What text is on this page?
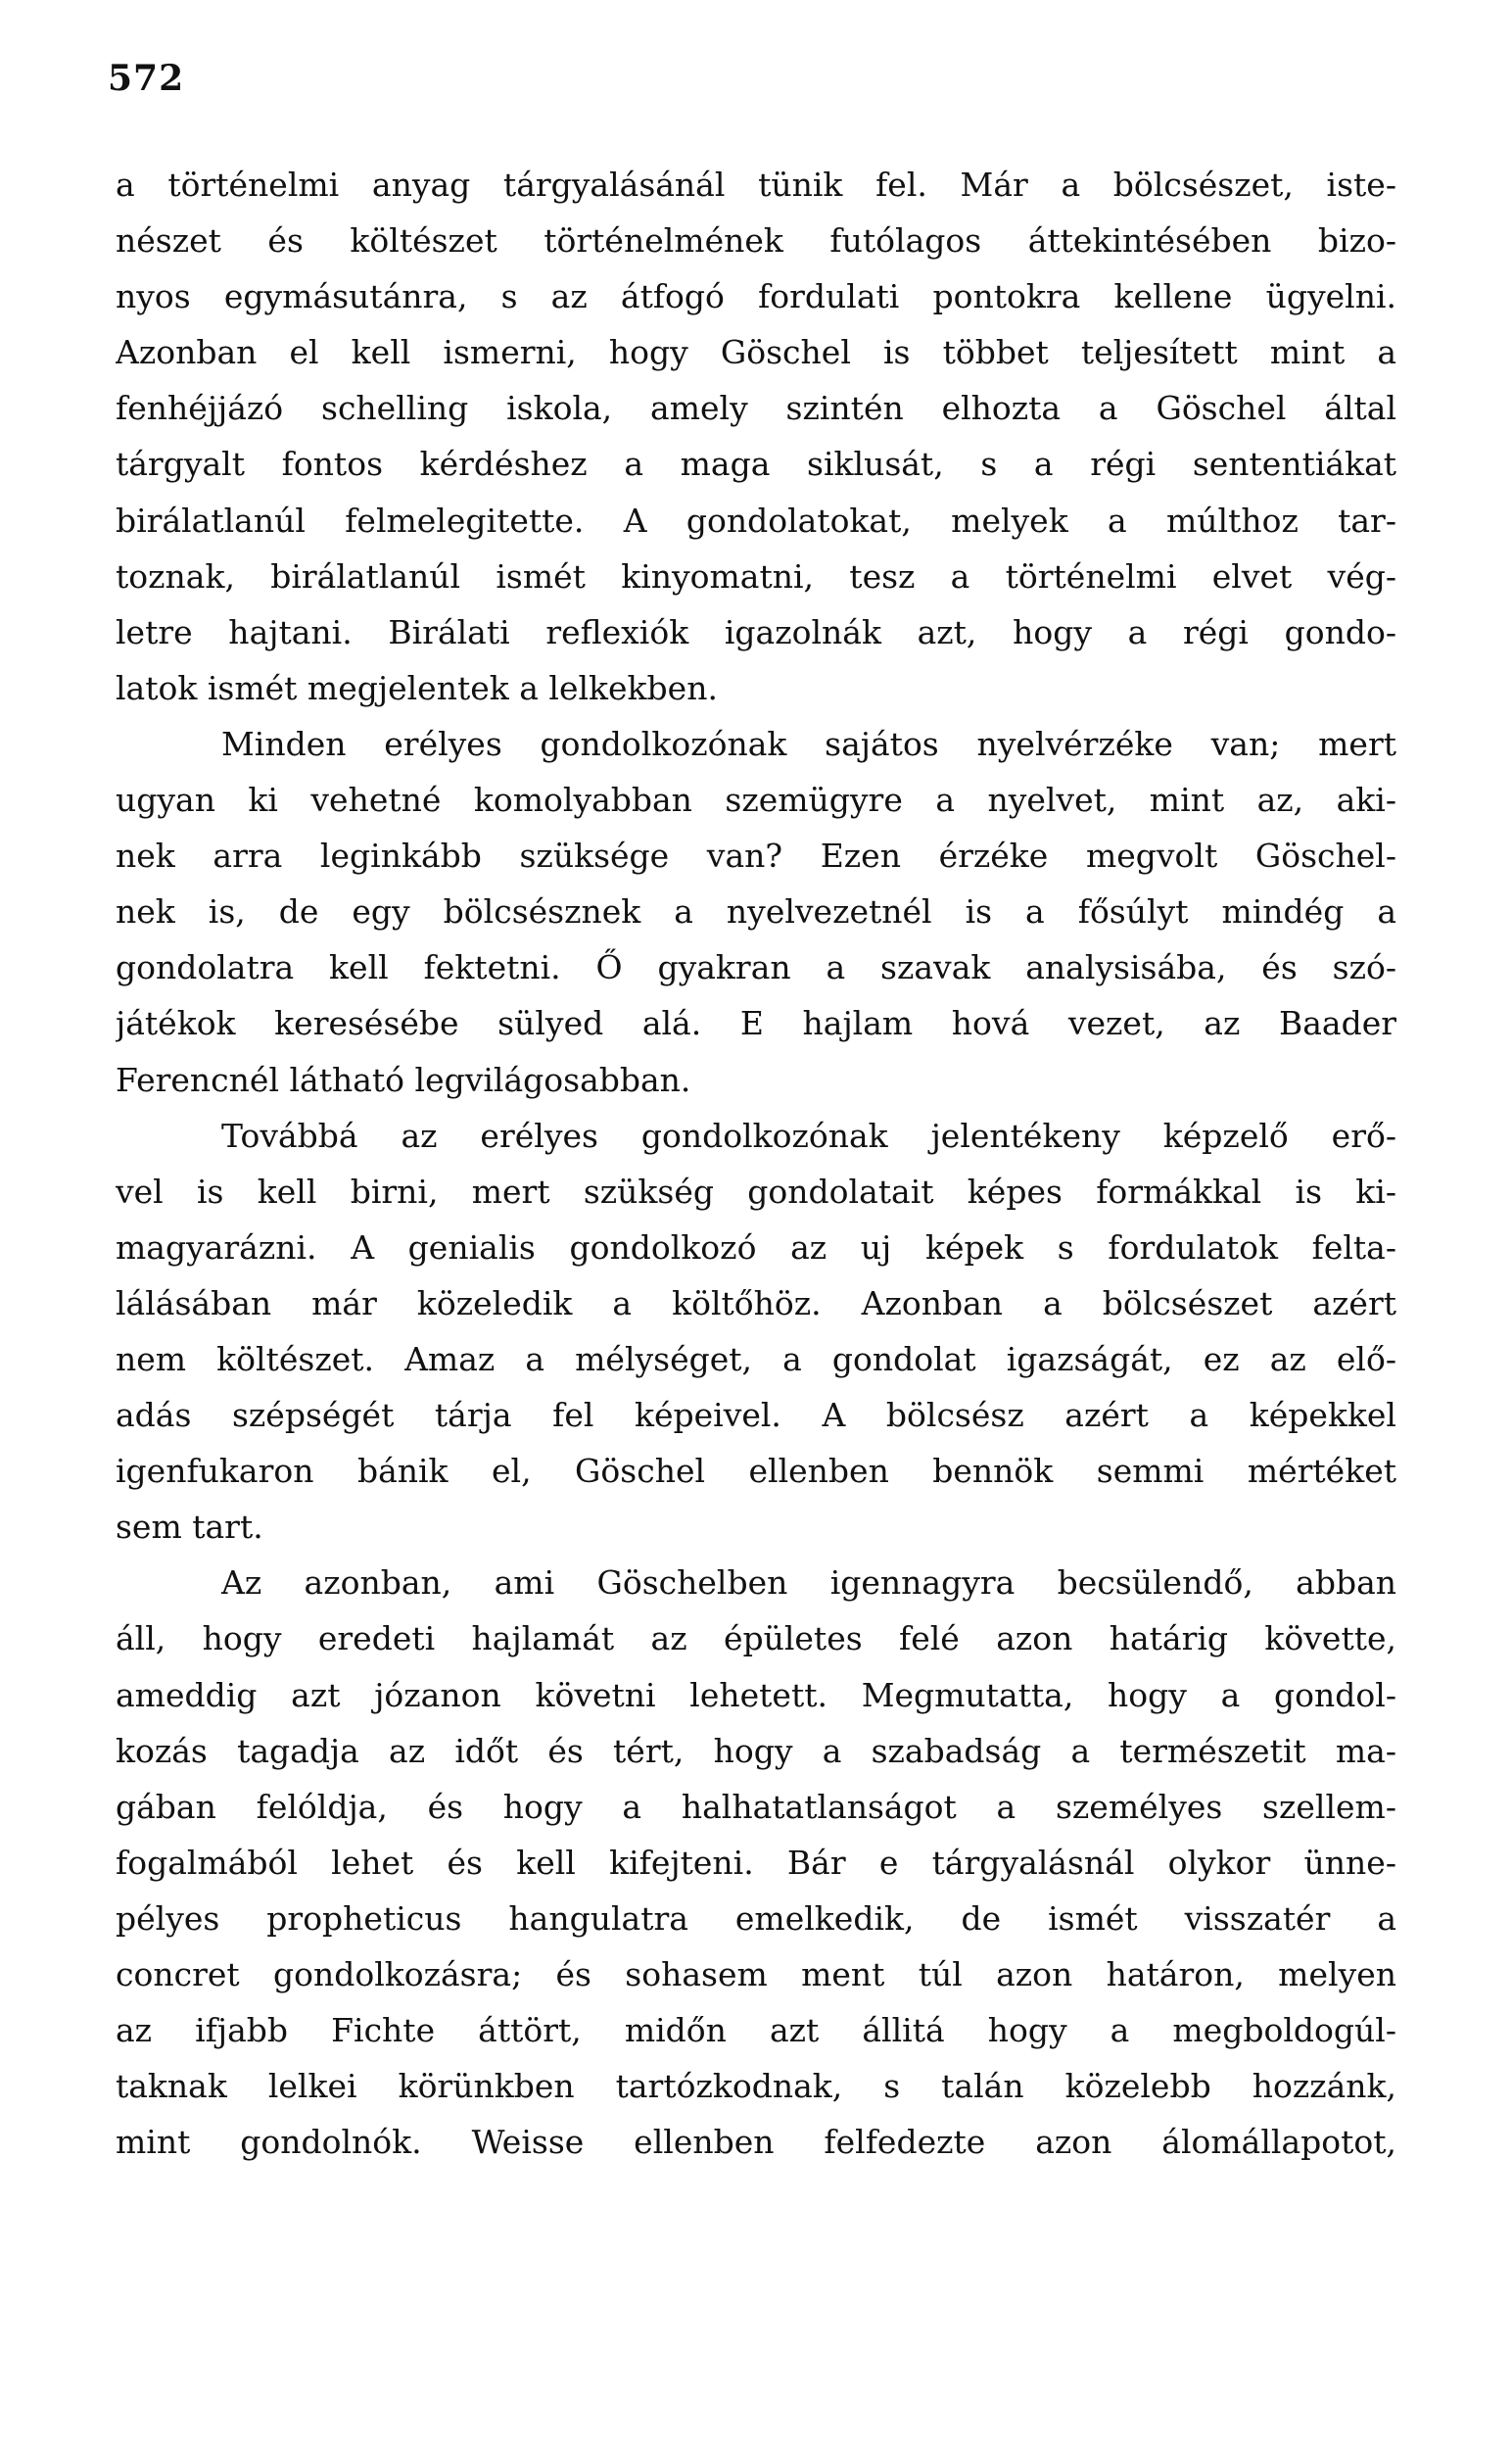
572
a történelmi anyag tárgyalásánál tünik fel. Már a bölcsészet, iste-
nészet és költészet történelmének futólagos áttekintésében bizo-
nyos egymásutánra, s az átfogó fordulati pontokra kellene ügyelni.
Azonban el kell ismerni, hogy Göschel is többet teljesített mint a
fenhéjjázó schelling iskola, amely szintén elhozta a Göschel által
tárgyalt fontos kérdéshez a maga siklusát, s a régi sententiákat
birálatlanúl felmelegitette. A gondolatokat, melyek a múlthoz tar-
toznak, birálatlanúl ismét kinyomatni, tesz a történelmi elvet vég-
letre hajtani. Birálati reflexiók igazolnák azt, hogy a régi gondo-
latok ismét megjelentek a lelkekben.
Minden erélyes gondolkozónak sajátos nyelvérzéke van; mert
ugyan ki vehetné komolyabban szemügyre a nyelvet, mint az, aki-
nek arra leginkább szüksége van? Ezen érzéke megvolt Göschel-
nek is, de egy bölcsésznek a nyelvezetnél is a fősúlyt mindég a
gondolatra kell fektetni. Ő gyakran a szavak analysisába, és szó-
játékok keresésébe sülyed alá. E hajlam hová vezet, az Baader
Ferencnél látható legvilágosabban.
Továbbá az erélyes gondolkozónak jelentékeny képzelő erő-
vel is kell birni, mert szükség gondolatait képes formákkal is ki-
magyarázni. A genialis gondolkozó az uj képek s fordulatok felta-
lálásában már közeledik a költőhöz. Azonban a bölcsészet azért
nem költészet. Amaz a mélységet, a gondolat igazságát, ez az elő-
adás szépségét tárja fel képeivel. A bölcsész azért a képekkel
igenfukaron bánik el, Göschel ellenben bennök semmi mértéket
sem tart.
Az azonban, ami Göschelben igennagyra becsülendő, abban
áll, hogy eredeti hajlamát az épületes felé azon határig követte,
ameddig azt józanon követni lehetett. Megmutatta, hogy a gondol-
kozás tagadja az időt és tért, hogy a szabadság a természetit ma-
gában felóldja, és hogy a halhatatlanságot a személyes szellem-
fogalmából lehet és kell kifejteni. Bár e tárgyalásnál olykor ünne-
pélyes propheticus hangulatra emelkedik, de ismét visszatér a
concret gondolkozásra; és sohasem ment túl azon határon, melyen
az ifjabb Fichte áttört, midőn azt állitá hogy a megboldogúl-
taknak lelkei körünkben tartózkodnak, s talán közelebb hozzánk,
mint gondolnók. Weisse ellenben felfedezte azon álomállapotot,
